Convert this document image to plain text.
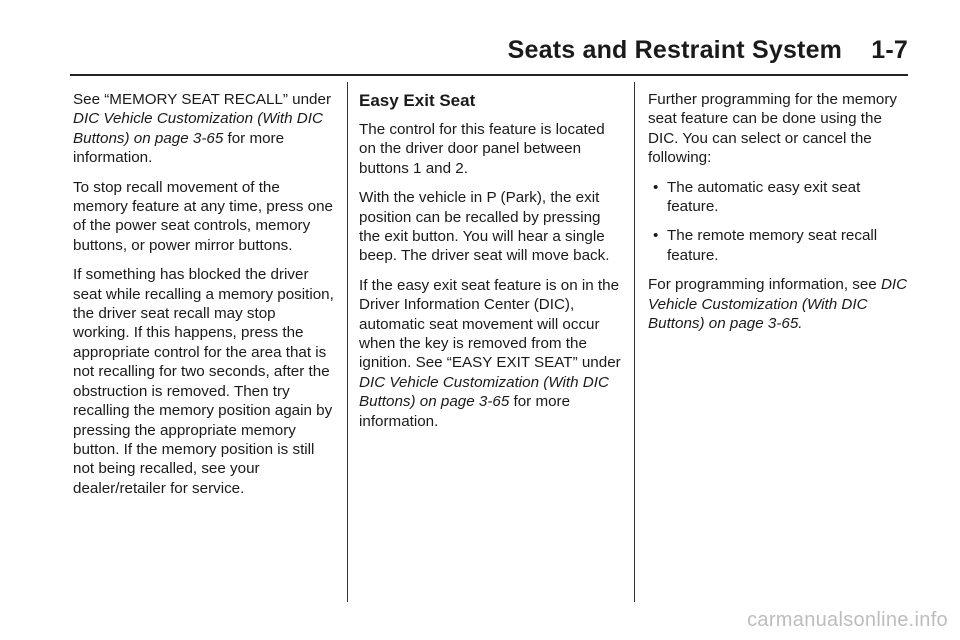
Seats and Restraint System 1-7

See “MEMORY SEAT RECALL” under DIC Vehicle Customization (With DIC Buttons) on page 3-65 for more information.

To stop recall movement of the memory feature at any time, press one of the power seat controls, memory buttons, or power mirror buttons.

If something has blocked the driver seat while recalling a memory position, the driver seat recall may stop working. If this happens, press the appropriate control for the area that is not recalling for two seconds, after the obstruction is removed. Then try recalling the memory position again by pressing the appropriate memory button. If the memory position is still not being recalled, see your dealer/retailer for service.

Easy Exit Seat

The control for this feature is located on the driver door panel between buttons 1 and 2.

With the vehicle in P (Park), the exit position can be recalled by pressing the exit button. You will hear a single beep. The driver seat will move back.

If the easy exit seat feature is on in the Driver Information Center (DIC), automatic seat movement will occur when the key is removed from the ignition. See “EASY EXIT SEAT” under DIC Vehicle Customization (With DIC Buttons) on page 3-65 for more information.

Further programming for the memory seat feature can be done using the DIC. You can select or cancel the following:

• The automatic easy exit seat feature.
• The remote memory seat recall feature.

For programming information, see DIC Vehicle Customization (With DIC Buttons) on page 3-65.

carmanualsonline.info
